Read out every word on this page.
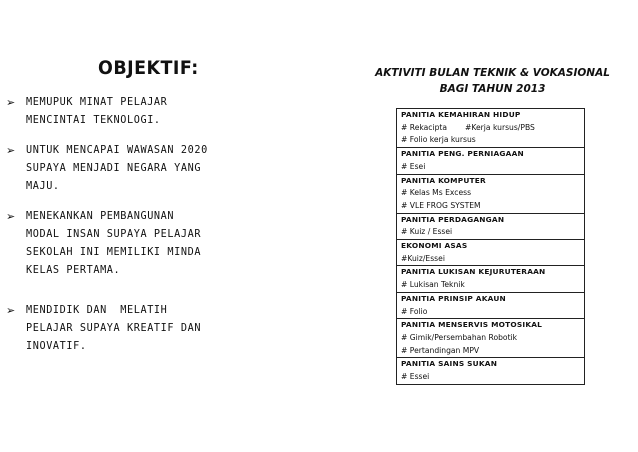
OBJEKTIF:
➢ MEMUPUK MINAT PELAJAR
MENCINTAI TEKNOLOGI.
➢ UNTUK MENCAPAI WAWASAN 2020
SUPAYA MENJADI NEGARA YANG
MAJU.
➢ MENEKANKAN PEMBANGUNAN
MODAL INSAN SUPAYA PELAJAR
SEKOLAH INI MEMILIKI MINDA
KELAS PERTAMA.
➢ MENDIDIK DAN  MELATIH
PELAJAR SUPAYA KREATIF DAN
INOVATIF.
AKTIVITI BULAN TEKNIK & VOKASIONAL
BAGI TAHUN 2013
PANITIA KEMAHIRAN HIDUP
# Rekacipta #Kerja kursus/PBS
# Folio kerja kursus
PANITIA PENG. PERNIAGAAN
# Esei
PANITIA KOMPUTER
# Kelas Ms Excess
# VLE FROG SYSTEM
PANITIA PERDAGANGAN
# Kuiz / Essei
EKONOMI ASAS
#Kuiz/Essei
PANITIA LUKISAN KEJURUTERAAN
# Lukisan Teknik
PANITIA PRINSIP AKAUN
# Folio
PANITIA MENSERVIS MOTOSIKAL
# Gimik/Persembahan Robotik
# Pertandingan MPV
PANITIA SAINS SUKAN
# Essei
